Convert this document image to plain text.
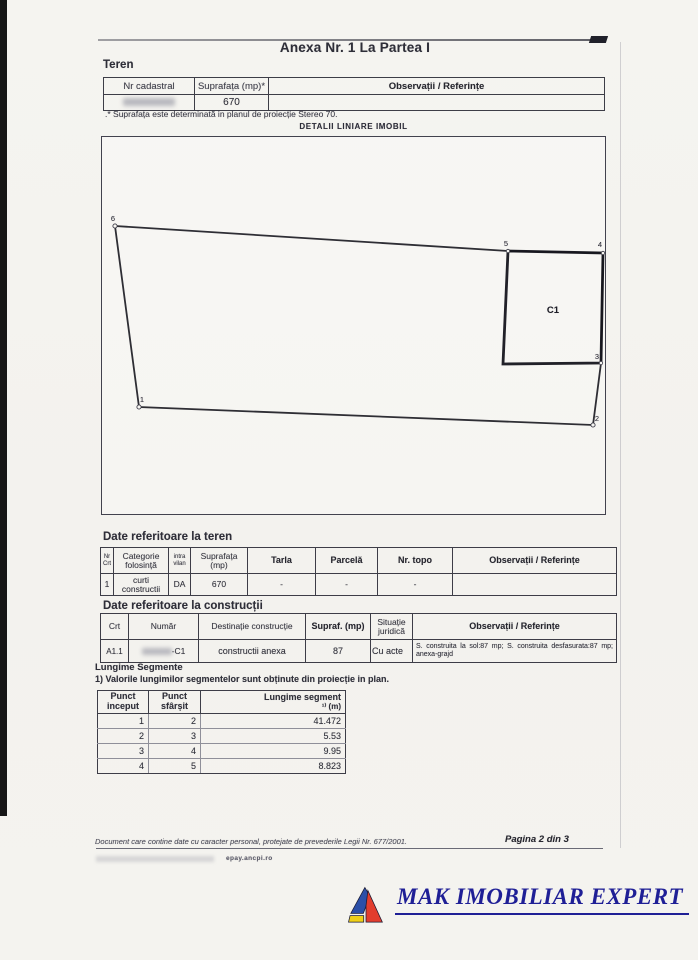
Anexa Nr. 1 La Partea I
Teren
Nr cadastral	Suprafața (mp)*	Observații / Referințe
	670	
.* Suprafața este determinată in planul de proiecție Stereo 70.
DETALII LINIARE IMOBIL
6
5	4
3
2
1
C1
Date referitoare la teren
Nr Crt	Categorie folosință	intra vilan	Suprafața (mp)	Tarla	Parcelă	Nr. topo	Observații / Referințe
1	curti constructii	DA	670	-	-	-	
Date referitoare la construcții
Crt	Număr	Destinație construcție	Supraf. (mp)	Situație juridică	Observații / Referințe
A1.1	-C1	constructii anexa	87	Cu acte	S. construita la sol:87 mp; S. construita desfasurata:87 mp; anexa-grajd
Lungime Segmente
1) Valorile lungimilor segmentelor sunt obținute din proiecție in plan.
Punct inceput	Punct sfârșit	Lungime segment
¹⁾ (m)

1	2	41.472
2	3	5.53
3	4	9.95
4	5	8.823
Document care contine date cu caracter personal, protejate de prevederile Legii Nr. 677/2001.	Pagina 2 din 3
epay.ancpi.ro
MAK IMOBILIAR EXPERT
